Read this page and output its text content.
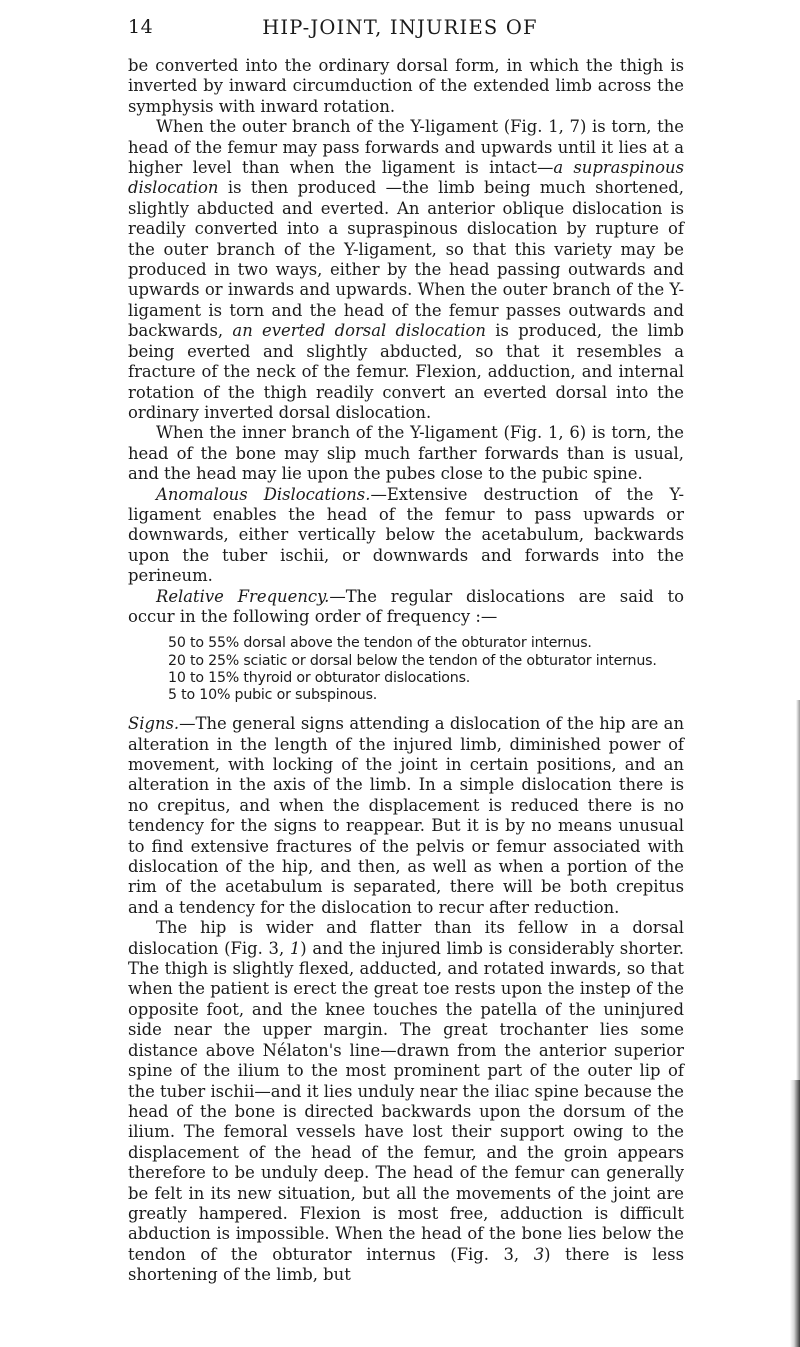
14	HIP-JOINT, INJURIES OF

be converted into the ordinary dorsal form, in which the thigh is inverted by inward circumduction of the extended limb across the symphysis with inward rotation.

When the outer branch of the Y-ligament (Fig. 1, 7) is torn, the head of the femur may pass forwards and upwards until it lies at a higher level than when the ligament is intact—a supraspinous dislocation is then produced —the limb being much shortened, slightly abducted and everted. An anterior oblique dislocation is readily converted into a supraspinous dislocation by rupture of the outer branch of the Y-ligament, so that this variety may be produced in two ways, either by the head passing outwards and upwards or inwards and upwards. When the outer branch of the Y-ligament is torn and the head of the femur passes outwards and backwards, an everted dorsal dislocation is produced, the limb being everted and slightly abducted, so that it resembles a fracture of the neck of the femur. Flexion, adduction, and internal rotation of the thigh readily convert an everted dorsal into the ordinary inverted dorsal dislocation.

When the inner branch of the Y-ligament (Fig. 1, 6) is torn, the head of the bone may slip much farther forwards than is usual, and the head may lie upon the pubes close to the pubic spine.

Anomalous Dislocations.—Extensive destruction of the Y-ligament enables the head of the femur to pass upwards or downwards, either vertically below the acetabulum, backwards upon the tuber ischii, or downwards and forwards into the perineum.

Relative Frequency.—The regular dislocations are said to occur in the following order of frequency :—

50 to 55% dorsal above the tendon of the obturator internus.
20 to 25% sciatic or dorsal below the tendon of the obturator internus.
10 to 15% thyroid or obturator dislocations.
5 to 10% pubic or subspinous.

Signs.—The general signs attending a dislocation of the hip are an alteration in the length of the injured limb, diminished power of movement, with locking of the joint in certain positions, and an alteration in the axis of the limb. In a simple dislocation there is no crepitus, and when the displacement is reduced there is no tendency for the signs to reappear. But it is by no means unusual to find extensive fractures of the pelvis or femur associated with dislocation of the hip, and then, as well as when a portion of the rim of the acetabulum is separated, there will be both crepitus and a tendency for the dislocation to recur after reduction.

The hip is wider and flatter than its fellow in a dorsal dislocation (Fig. 3, 1) and the injured limb is considerably shorter. The thigh is slightly flexed, adducted, and rotated inwards, so that when the patient is erect the great toe rests upon the instep of the opposite foot, and the knee touches the patella of the uninjured side near the upper margin. The great trochanter lies some distance above Nélaton's line—drawn from the anterior superior spine of the ilium to the most prominent part of the outer lip of the tuber ischii—and it lies unduly near the iliac spine because the head of the bone is directed backwards upon the dorsum of the ilium. The femoral vessels have lost their support owing to the displacement of the head of the femur, and the groin appears therefore to be unduly deep. The head of the femur can generally be felt in its new situation, but all the movements of the joint are greatly hampered. Flexion is most free, adduction is difficult abduction is impossible. When the head of the bone lies below the tendon of the obturator internus (Fig. 3, 3) there is less shortening of the limb, but
